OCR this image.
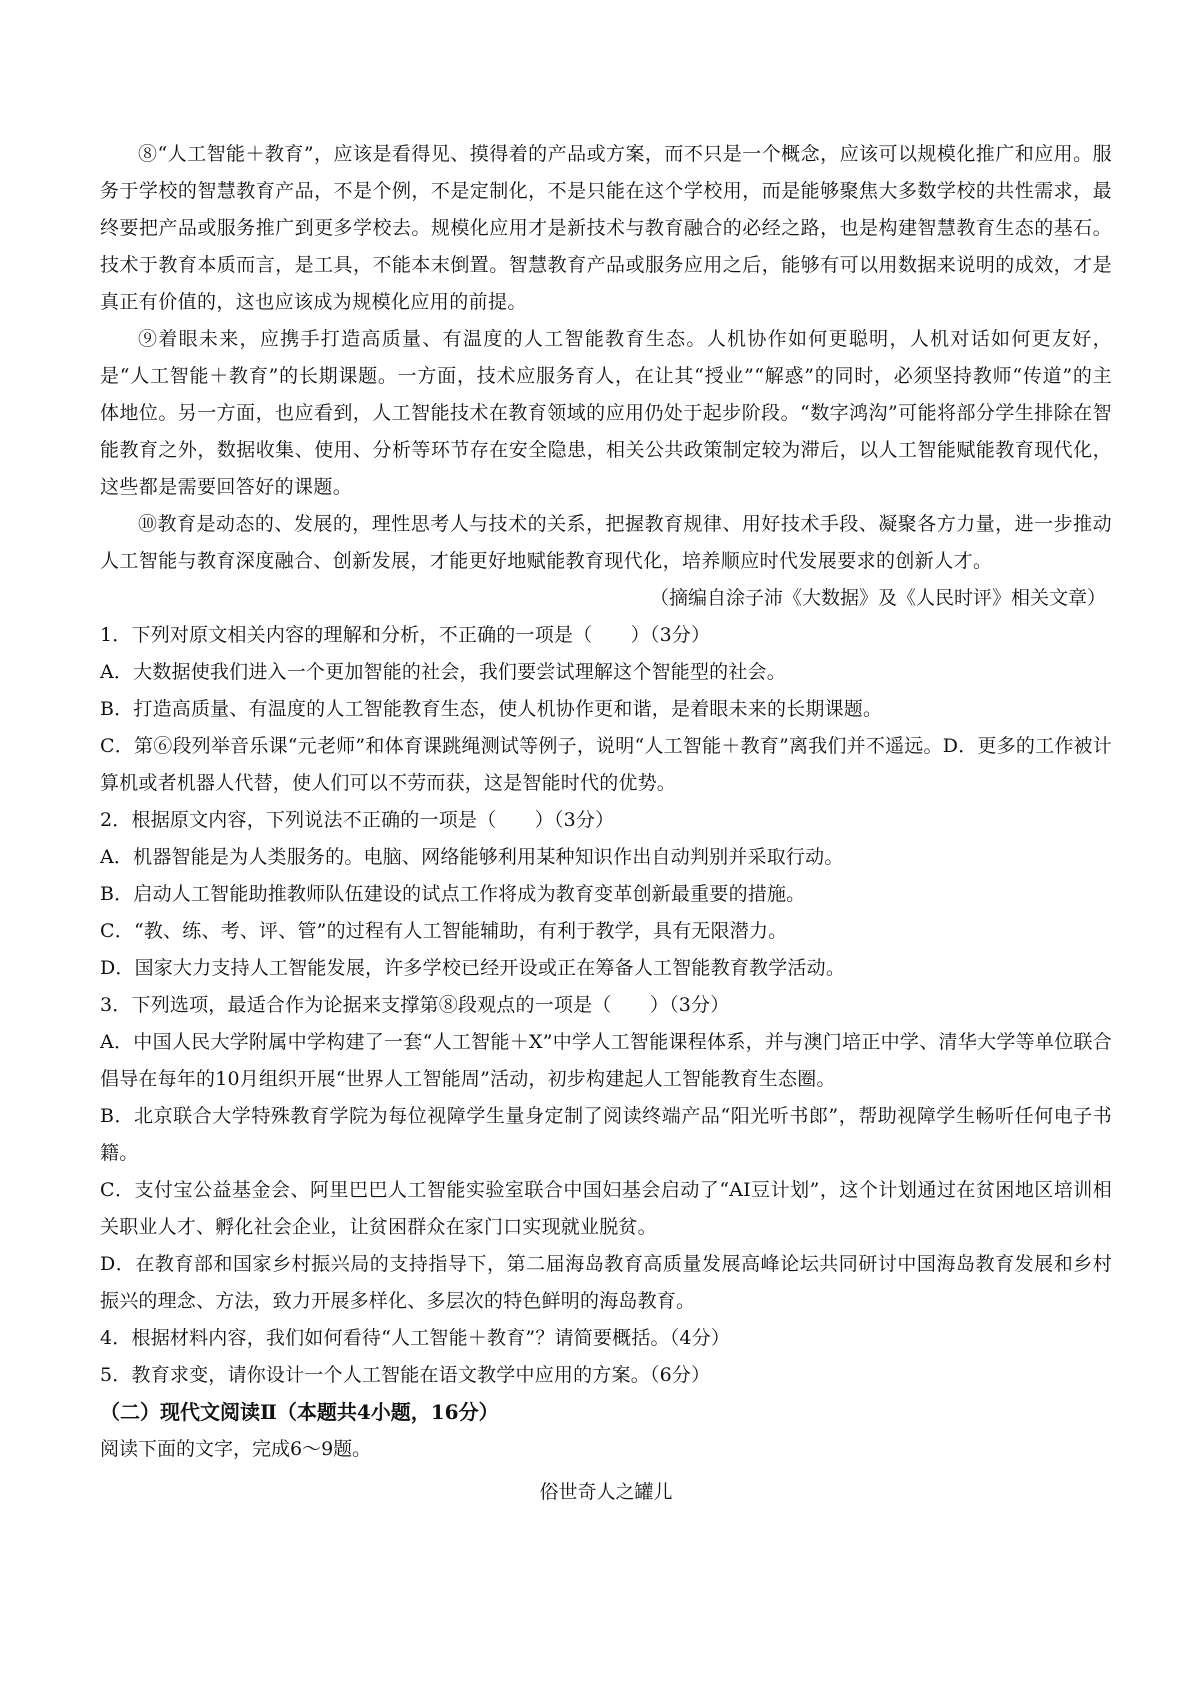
⑧“人工智能＋教育”，应该是看得见、摸得着的产品或方案，而不只是一个概念，应该可以规模化推广和应用。服务于学校的智慧教育产品，不是个例，不是定制化，不是只能在这个学校用，而是能够聚焦大多数学校的共性需求，最终要把产品或服务推广到更多学校去。规模化应用才是新技术与教育融合的必经之路，也是构建智慧教育生态的基石。技术于教育本质而言，是工具，不能本末倒置。智慧教育产品或服务应用之后，能够有可以用数据来说明的成效，才是真正有价值的，这也应该成为规模化应用的前提。

⑨着眼未来，应携手打造高质量、有温度的人工智能教育生态。人机协作如何更聪明，人机对话如何更友好，是“人工智能＋教育”的长期课题。一方面，技术应服务育人，在让其“授业”“解惑”的同时，必须坚持教师“传道”的主体地位。另一方面，也应看到，人工智能技术在教育领域的应用仍处于起步阶段。“数字鸿沟”可能将部分学生排除在智能教育之外，数据收集、使用、分析等环节存在安全隐患，相关公共政策制定较为滞后，以人工智能赋能教育现代化，这些都是需要回答好的课题。

⑩教育是动态的、发展的，理性思考人与技术的关系，把握教育规律、用好技术手段、凝聚各方力量，进一步推动人工智能与教育深度融合、创新发展，才能更好地赋能教育现代化，培养顺应时代发展要求的创新人才。

（摘编自涂子沛《大数据》及《人民时评》相关文章）

1．下列对原文相关内容的理解和分析，不正确的一项是（　　）（3分）

A．大数据使我们进入一个更加智能的社会，我们要尝试理解这个智能型的社会。

B．打造高质量、有温度的人工智能教育生态，使人机协作更和谐，是着眼未来的长期课题。

C．第⑥段列举音乐课“元老师”和体育课跳绳测试等例子，说明“人工智能＋教育”离我们并不遥远。D．更多的工作被计算机或者机器人代替，使人们可以不劳而获，这是智能时代的优势。

2．根据原文内容，下列说法不正确的一项是（　　）（3分）

A．机器智能是为人类服务的。电脑、网络能够利用某种知识作出自动判别并采取行动。

B．启动人工智能助推教师队伍建设的试点工作将成为教育变革创新最重要的措施。

C．“教、练、考、评、管”的过程有人工智能辅助，有利于教学，具有无限潜力。

D．国家大力支持人工智能发展，许多学校已经开设或正在筹备人工智能教育教学活动。

3．下列选项，最适合作为论据来支撑第⑧段观点的一项是（　　）（3分）

A．中国人民大学附属中学构建了一套“人工智能＋X”中学人工智能课程体系，并与澳门培正中学、清华大学等单位联合倡导在每年的10月组织开展“世界人工智能周”活动，初步构建起人工智能教育生态圈。

B．北京联合大学特殊教育学院为每位视障学生量身定制了阅读终端产品“阳光听书郎”，帮助视障学生畅听任何电子书籍。

C．支付宝公益基金会、阿里巴巴人工智能实验室联合中国妇基会启动了“AI豆计划”，这个计划通过在贫困地区培训相关职业人才、孵化社会企业，让贫困群众在家门口实现就业脱贫。

D．在教育部和国家乡村振兴局的支持指导下，第二届海岛教育高质量发展高峰论坛共同研讨中国海岛教育发展和乡村振兴的理念、方法，致力开展多样化、多层次的特色鲜明的海岛教育。

4．根据材料内容，我们如何看待“人工智能＋教育”？请简要概括。（4分）

5．教育求变，请你设计一个人工智能在语文教学中应用的方案。（6分）

（二）现代文阅读Ⅱ（本题共4小题，16分）

阅读下面的文字，完成6～9题。

俗世奇人之罐儿
